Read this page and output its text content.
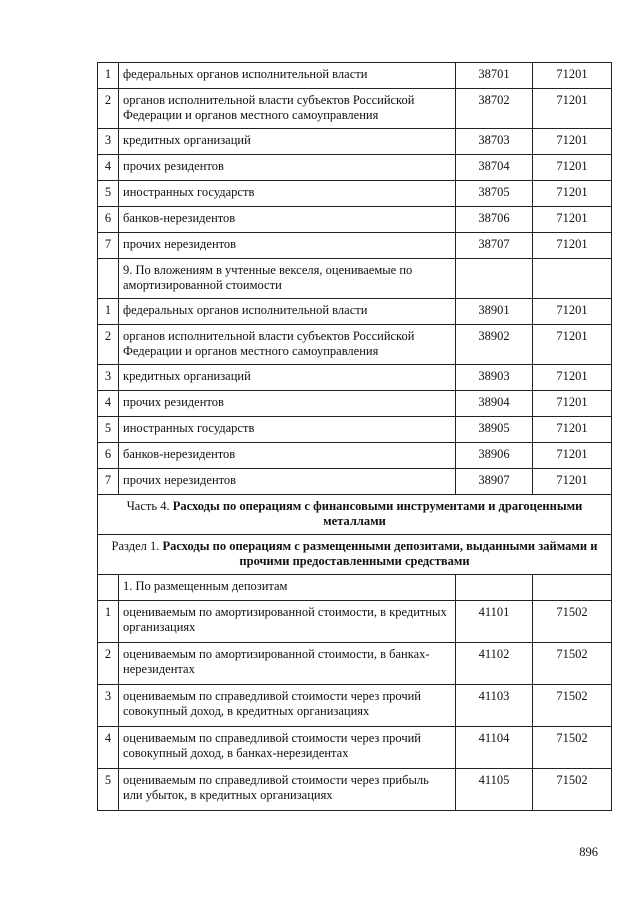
1	федеральных органов исполнительной власти	38701	71201
2	органов исполнительной власти субъектов Российской Федерации и органов местного самоуправления	38702	71201
3	кредитных организаций	38703	71201
4	прочих резидентов	38704	71201
5	иностранных государств	38705	71201
6	банков-нерезидентов	38706	71201
7	прочих нерезидентов	38707	71201
	9. По вложениям в учтенные векселя, оцениваемые по амортизированной стоимости		
1	федеральных органов исполнительной власти	38901	71201
2	органов исполнительной власти субъектов Российской Федерации и органов местного самоуправления	38902	71201
3	кредитных организаций	38903	71201
4	прочих резидентов	38904	71201
5	иностранных государств	38905	71201
6	банков-нерезидентов	38906	71201
7	прочих нерезидентов	38907	71201
Часть 4. Расходы по операциям с финансовыми инструментами и драгоценными металлами			
Раздел 1. Расходы по операциям с размещенными депозитами, выданными займами и прочими предоставленными средствами			
	1. По размещенным депозитам		
1	оцениваемым по амортизированной стоимости, в кредитных организациях	41101	71502
2	оцениваемым по амортизированной стоимости, в банках-нерезидентах	41102	71502
3	оцениваемым по справедливой стоимости через прочий совокупный доход, в кредитных организациях	41103	71502
4	оцениваемым по справедливой стоимости через прочий совокупный доход, в банках-нерезидентах	41104	71502
5	оцениваемым по справедливой стоимости через прибыль или убыток, в кредитных организациях	41105	71502
896
